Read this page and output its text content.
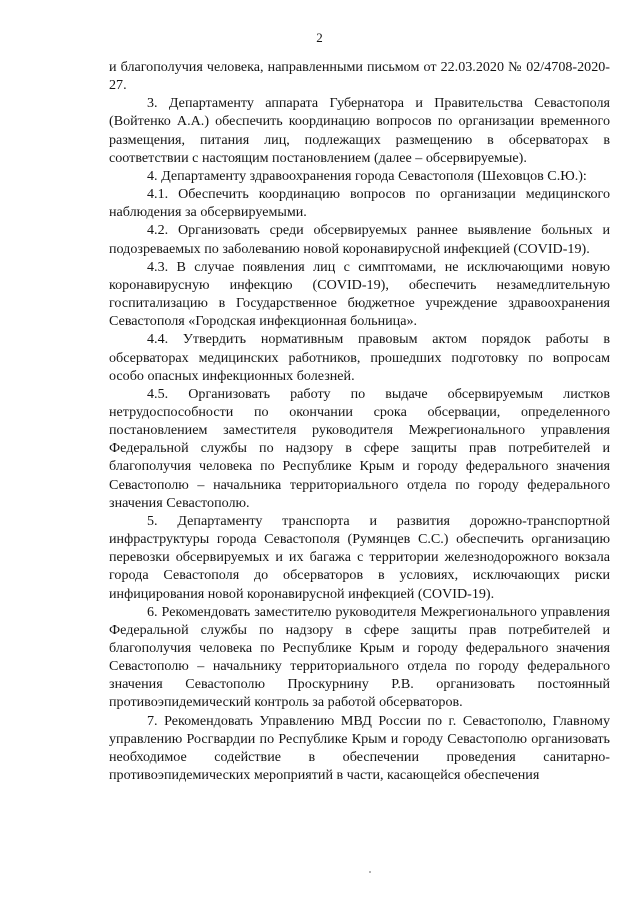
2

и благополучия человека, направленными письмом от 22.03.2020 № 02/4708-2020-27.

3. Департаменту аппарата Губернатора и Правительства Севастополя (Войтенко А.А.) обеспечить координацию вопросов по организации временного размещения, питания лиц, подлежащих размещению в обсерваторах в соответствии с настоящим постановлением (далее – обсервируемые).

4. Департаменту здравоохранения города Севастополя (Шеховцов С.Ю.):

4.1. Обеспечить координацию вопросов по организации медицинского наблюдения за обсервируемыми.

4.2. Организовать среди обсервируемых раннее выявление больных и подозреваемых по заболеванию новой коронавирусной инфекцией (COVID-19).

4.3. В случае появления лиц с симптомами, не исключающими новую коронавирусную инфекцию (COVID-19), обеспечить незамедлительную госпитализацию в Государственное бюджетное учреждение здравоохранения Севастополя «Городская инфекционная больница».

4.4. Утвердить нормативным правовым актом порядок работы в обсерваторах медицинских работников, прошедших подготовку по вопросам особо опасных инфекционных болезней.

4.5. Организовать работу по выдаче обсервируемым листков нетрудоспособности по окончании срока обсервации, определенного постановлением заместителя руководителя Межрегионального управления Федеральной службы по надзору в сфере защиты прав потребителей и благополучия человека по Республике Крым и городу федерального значения Севастополю – начальника территориального отдела по городу федерального значения Севастополю.

5. Департаменту транспорта и развития дорожно-транспортной инфраструктуры города Севастополя (Румянцев С.С.) обеспечить организацию перевозки обсервируемых и их багажа с территории железнодорожного вокзала города Севастополя до обсерваторов в условиях, исключающих риски инфицирования новой коронавирусной инфекцией (COVID-19).

6. Рекомендовать заместителю руководителя Межрегионального управления Федеральной службы по надзору в сфере защиты прав потребителей и благополучия человека по Республике Крым и городу федерального значения Севастополю – начальнику территориального отдела по городу федерального значения Севастополю Проскурнину Р.В. организовать постоянный противоэпидемический контроль за работой обсерваторов.

7. Рекомендовать Управлению МВД России по г. Севастополю, Главному управлению Росгвардии по Республике Крым и городу Севастополю организовать необходимое содействие в обеспечении проведения санитарно-противоэпидемических мероприятий в части, касающейся обеспечения
